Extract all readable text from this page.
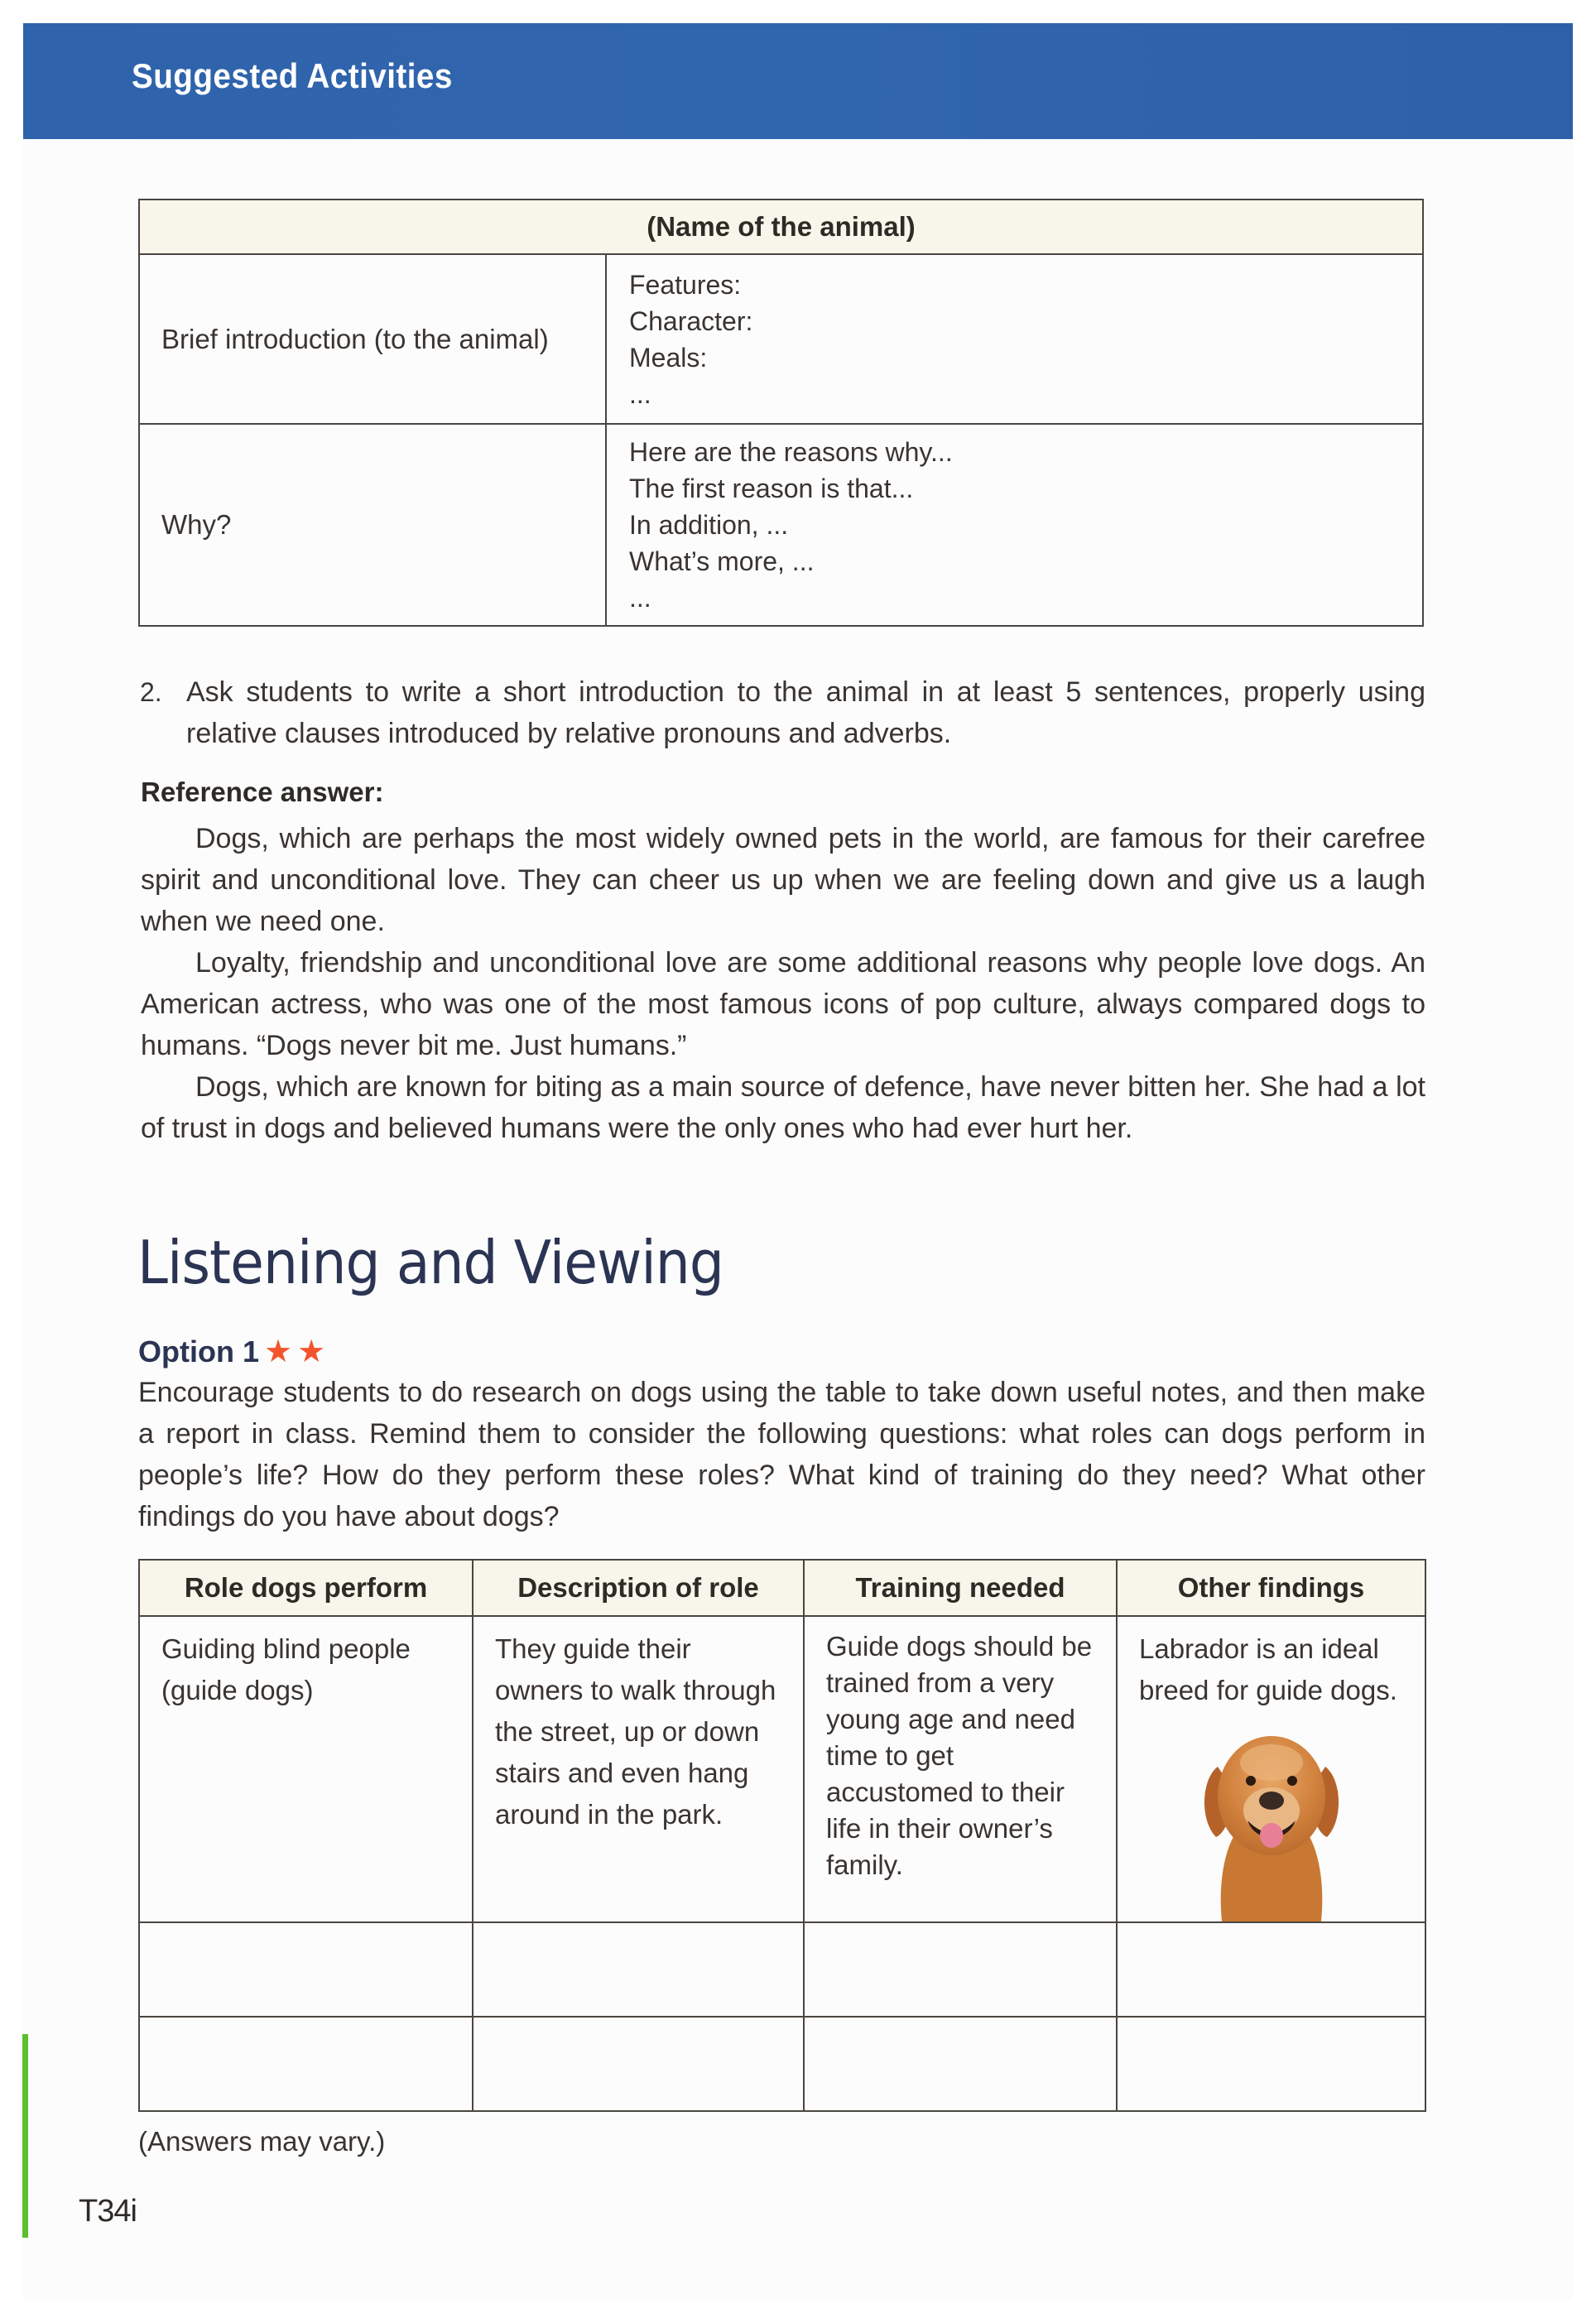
Suggested Activities
(Name of the animal)	
Brief introduction (to the animal)	Features:
Character:
Meals:
...

Why?	Here are the reasons why...
The first reason is that...
In addition, ...
What’s more, ...
...
2. Ask students to write a short introduction to the animal in at least 5 sentences, properly using relative clauses introduced by relative pronouns and adverbs.
Reference answer:
Dogs, which are perhaps the most widely owned pets in the world, are famous for their carefree spirit and unconditional love. They can cheer us up when we are feeling down and give us a laugh when we need one.
Loyalty, friendship and unconditional love are some additional reasons why people love dogs. An American actress, who was one of the most famous icons of pop culture, always compared dogs to humans. “Dogs never bit me. Just humans.”
Dogs, which are known for biting as a main source of defence, have never bitten her. She had a lot of trust in dogs and believed humans were the only ones who had ever hurt her.
Listening and Viewing
Option 1 ★ ★
Encourage students to do research on dogs using the table to take down useful notes, and then make a report in class. Remind them to consider the following questions: what roles can dogs perform in people’s life? How do they perform these roles? What kind of training do they need? What other findings do you have about dogs?
Role dogs perform	Description of role	Training needed	Other findings
Guiding blind people (guide dogs)	They guide their owners to walk through the street, up or down stairs and even hang around in the park.	Guide dogs should be trained from a very young age and need time to get accustomed to their life in their owner’s family.	Labrador is an ideal breed for guide dogs.

(Answers may vary.)
T34i
